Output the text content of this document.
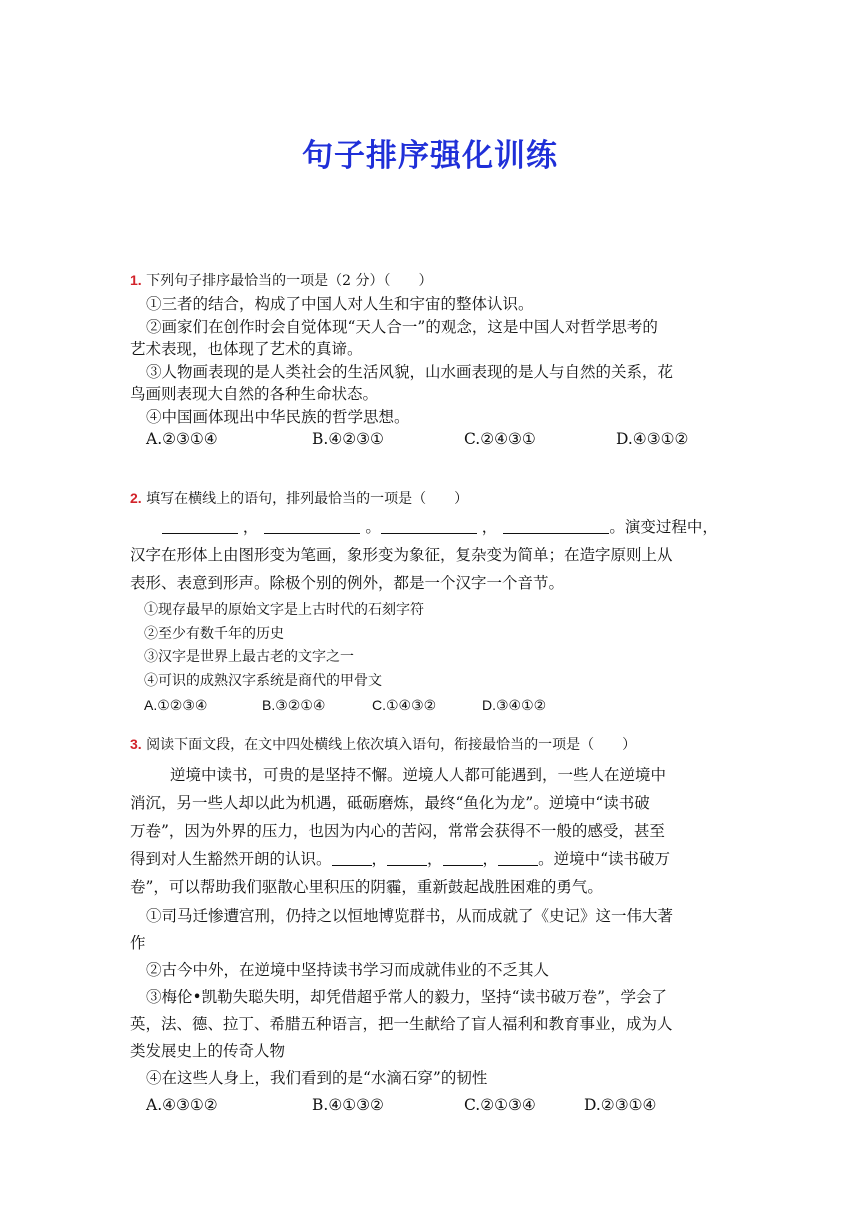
句子排序强化训练
1. 下列句子排序最恰当的一项是（2 分）（　　）
①三者的结合，构成了中国人对人生和宇宙的整体认识。
②画家们在创作时会自觉体现“天人合一”的观念，这是中国人对哲学思考的
艺术表现，也体现了艺术的真谛。
③人物画表现的是人类社会的生活风貌，山水画表现的是人与自然的关系，花
鸟画则表现大自然的各种生命状态。
④中国画体现出中华民族的哲学思想。
A.②③①④	B.④②③①	C.②④③①	D.④③①②
2. 填写在横线上的语句，排列最恰当的一项是（　　）
，	。	，	。演变过程中，
汉字在形体上由图形变为笔画，象形变为象征，复杂变为简单；在造字原则上从
表形、表意到形声。除极个别的例外，都是一个汉字一个音节。
①现存最早的原始文字是上古时代的石刻字符
②至少有数千年的历史
③汉字是世界上最古老的文字之一
④可识的成熟汉字系统是商代的甲骨文
A.①②③④	B.③②①④	C.①④③②	D.③④①②
3. 阅读下面文段，在文中四处横线上依次填入语句，衔接最恰当的一项是（　　）
逆境中读书，可贵的是坚持不懈。逆境人人都可能遇到，一些人在逆境中
消沉，另一些人却以此为机遇，砥砺磨炼，最终“鱼化为龙”。逆境中“读书破
万卷”，因为外界的压力，也因为内心的苦闷，常常会获得不一般的感受，甚至
得到对人生豁然开朗的认识。	，	，	，	。逆境中“读书破万
卷”，可以帮助我们驱散心里积压的阴霾，重新鼓起战胜困难的勇气。
①司马迁惨遭宫刑，仍持之以恒地博览群书，从而成就了《史记》这一伟大著
作
②古今中外，在逆境中坚持读书学习而成就伟业的不乏其人
③梅伦•凯勒失聪失明，却凭借超乎常人的毅力，坚持“读书破万卷”，学会了
英，法、德、拉丁、希腊五种语言，把一生献给了盲人福利和教育事业，成为人
类发展史上的传奇人物
④在这些人身上，我们看到的是“水滴石穿”的韧性
A.④③①②	B.④①③②	C.②①③④	D.②③①④
